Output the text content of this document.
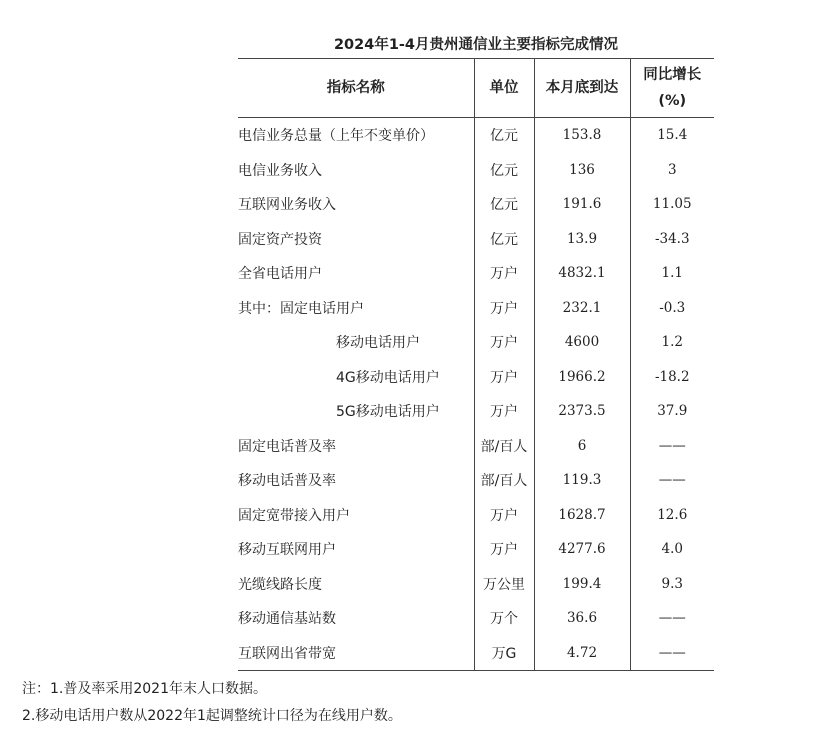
2024年1-4月贵州通信业主要指标完成情况
指标名称	单位	本月底到达	同比增长
(%)

电信业务总量（上年不变单价）	亿元	153.8	15.4
电信业务收入	亿元	136	3
互联网业务收入	亿元	191.6	11.05
固定资产投资	亿元	13.9	-34.3
全省电话用户	万户	4832.1	1.1
其中：固定电话用户	万户	232.1	-0.3
移动电话用户	万户	4600	1.2
4G移动电话用户	万户	1966.2	-18.2
5G移动电话用户	万户	2373.5	37.9
固定电话普及率	部/百人	6	——
移动电话普及率	部/百人	119.3	——
固定宽带接入用户	万户	1628.7	12.6
移动互联网用户	万户	4277.6	4.0
光缆线路长度	万公里	199.4	9.3
移动通信基站数	万个	36.6	——
互联网出省带宽	万G	4.72	——
注：1.普及率采用2021年末人口数据。
2.移动电话用户数从2022年1起调整统计口径为在线用户数。
